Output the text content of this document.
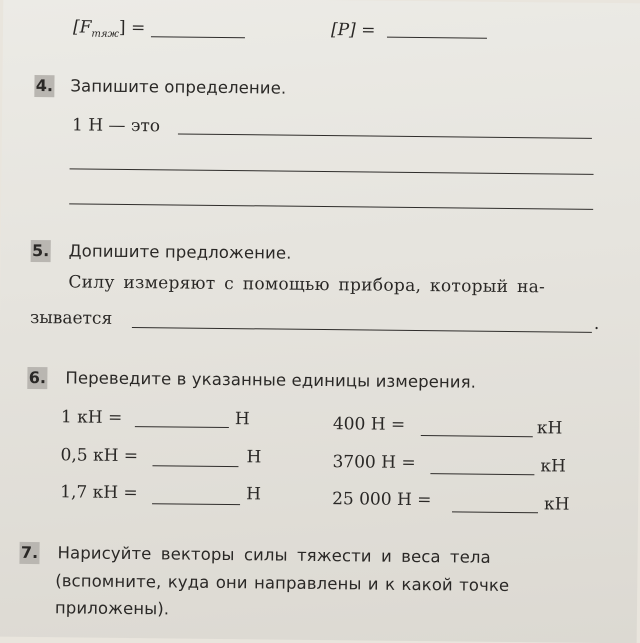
$[F_{тяж}]$ =	[P] =
4. Запишите определение.
1 Н — это
5. Допишите предложение.
Силу измеряют с помощью прибора, который на-
зывается	.
6. Переведите в указанные единицы измерения.
1 кН =	Н	400 Н =	кН
0,5 кН =	Н	3700 Н =	кН
1,7 кН =	Н	25 000 Н =	кН
7. Нарисуйте векторы силы тяжести и веса тела
(вспомните, куда они направлены и к какой точке
приложены).
